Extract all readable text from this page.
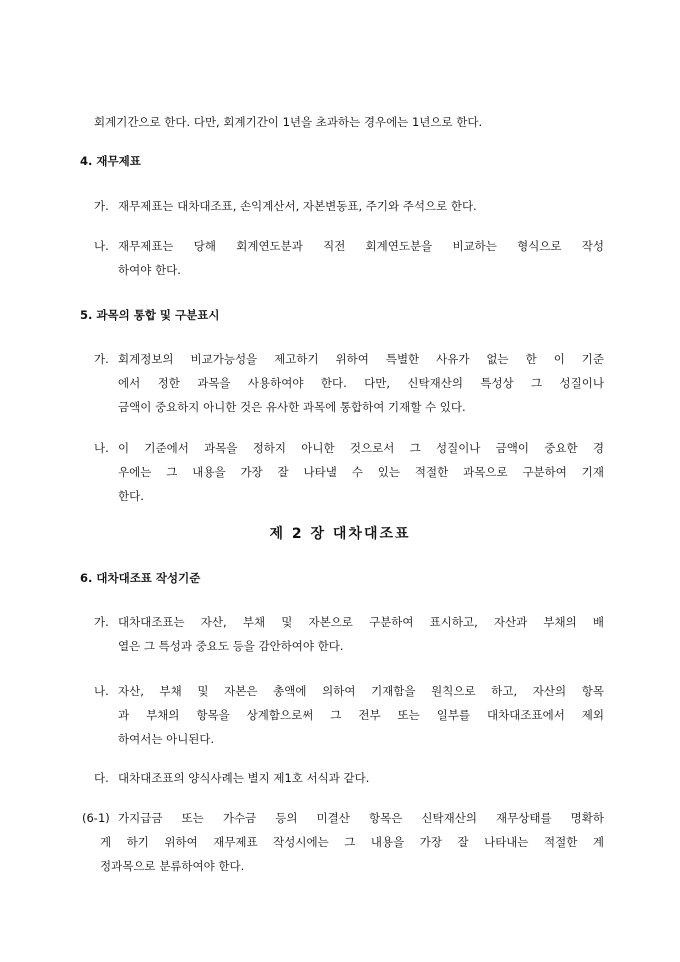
회계기간으로 한다. 다만, 회계기간이 1년을 초과하는 경우에는 1년으로 한다.
4. 재무제표
가. 재무제표는 대차대조표, 손익계산서, 자본변동표, 주기와 주석으로 한다.
나. 재무제표는 당해 회계연도분과 직전 회계연도분을 비교하는 형식으로 작성
하여야 한다.
5. 과목의 통합 및 구분표시
가. 회계정보의 비교가능성을 제고하기 위하여 특별한 사유가 없는 한 이 기준
에서 정한 과목을 사용하여야 한다. 다만, 신탁재산의 특성상 그 성질이나
금액이 중요하지 아니한 것은 유사한 과목에 통합하여 기재할 수 있다.
나. 이 기준에서 과목을 정하지 아니한 것으로서 그 성질이나 금액이 중요한 경
우에는 그 내용을 가장 잘 나타낼 수 있는 적절한 과목으로 구분하여 기재
한다.
제 2 장 대차대조표
6. 대차대조표 작성기준
가. 대차대조표는 자산, 부채 및 자본으로 구분하여 표시하고, 자산과 부채의 배
열은 그 특성과 중요도 등을 감안하여야 한다.
나. 자산, 부채 및 자본은 총액에 의하여 기재함을 원칙으로 하고, 자산의 항목
과 부채의 항목을 상계함으로써 그 전부 또는 일부를 대차대조표에서 제외
하여서는 아니된다.
다. 대차대조표의 양식사례는 별지 제1호 서식과 같다.
(6-1) 가지급금 또는 가수금 등의 미결산 항목은 신탁재산의 재무상태를 명확하
게 하기 위하여 재무제표 작성시에는 그 내용을 가장 잘 나타내는 적절한 계
정과목으로 분류하여야 한다.
